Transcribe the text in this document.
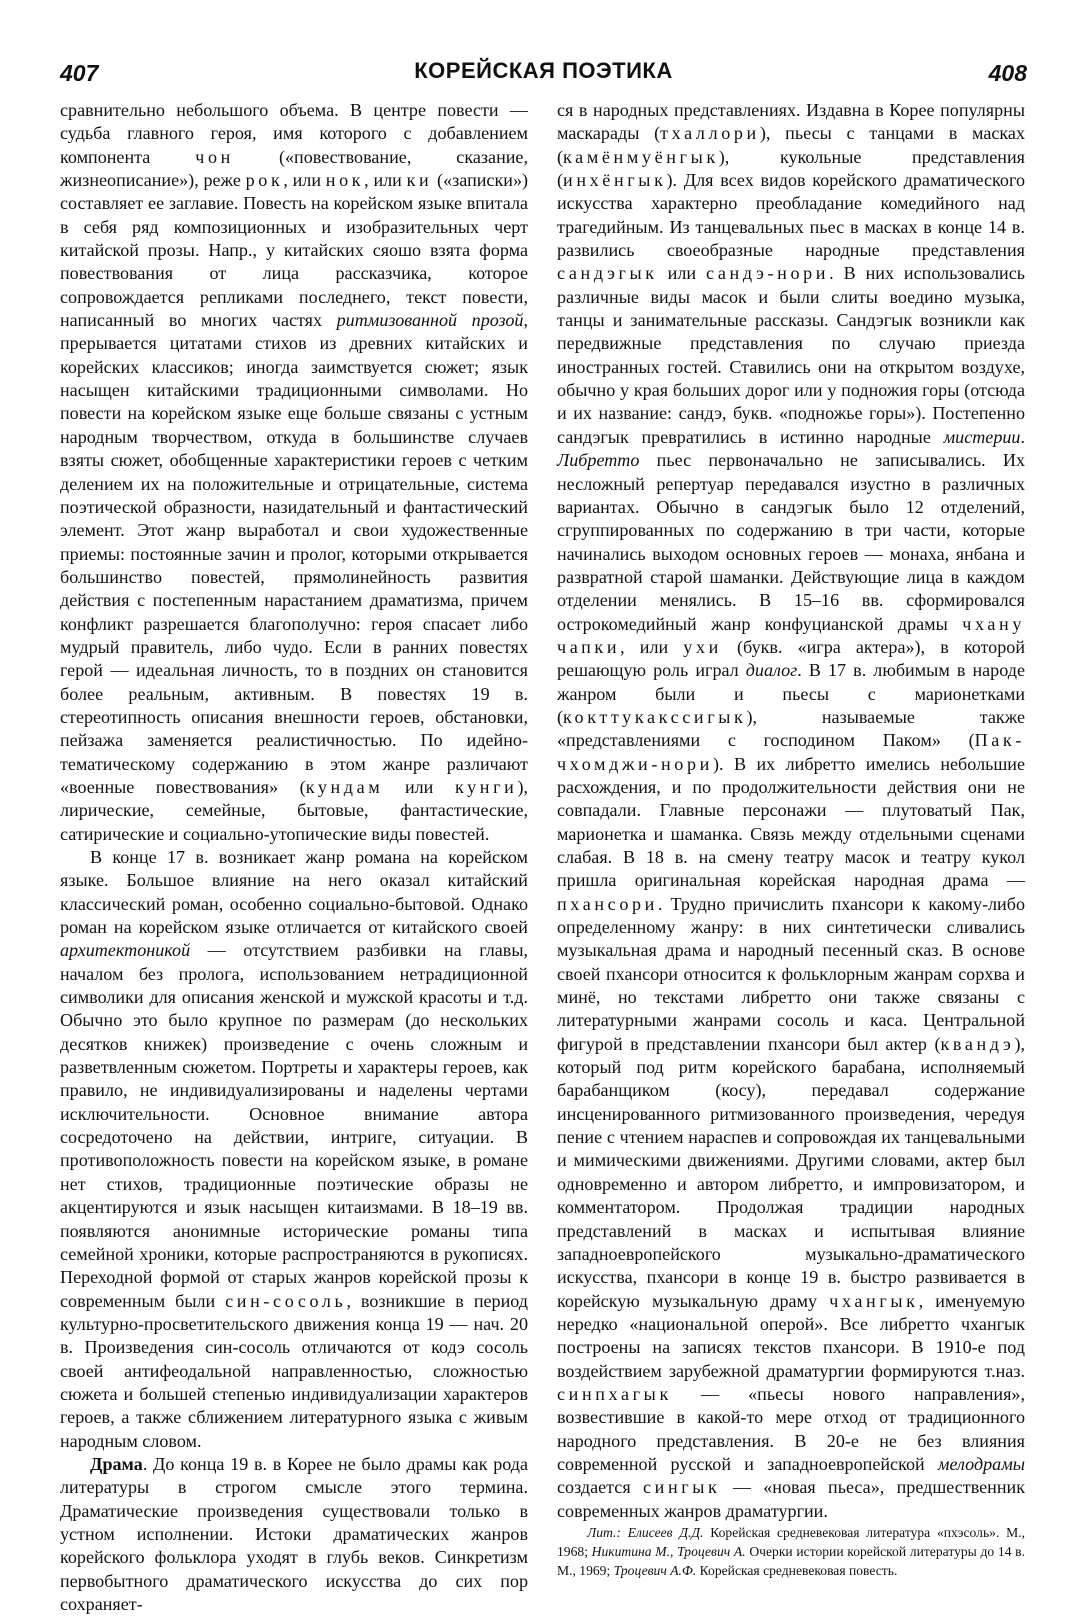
407	КОРЕЙСКАЯ ПОЭТИКА	408

сравнительно небольшого объема. В центре повести — судьба главного героя, имя которого с добавлением компонента чон («повествование, сказание, жизнеописание»), реже рок, или нок, или ки («записки») составляет ее заглавие. Повесть на корейском языке впитала в себя ряд композиционных и изобразительных черт китайской прозы. Напр., у китайских сяошо взята форма повествования от лица рассказчика, которое сопровождается репликами последнего, текст повести, написанный во многих частях ритмизованной прозой, прерывается цитатами стихов из древних китайских и корейских классиков; иногда заимствуется сюжет; язык насыщен китайскими традиционными символами. Но повести на корейском языке еще больше связаны с устным народным творчеством, откуда в большинстве случаев взяты сюжет, обобщенные характеристики героев с четким делением их на положительные и отрицательные, система поэтической образности, назидательный и фантастический элемент. Этот жанр выработал и свои художественные приемы: постоянные зачин и пролог, которыми открывается большинство повестей, прямолинейность развития действия с постепенным нарастанием драматизма, причем конфликт разрешается благополучно: героя спасает либо мудрый правитель, либо чудо. Если в ранних повестях герой — идеальная личность, то в поздних он становится более реальным, активным. В повестях 19 в. стереотипность описания внешности героев, обстановки, пейзажа заменяется реалистичностью. По идейно-тематическому содержанию в этом жанре различают «военные повествования» (кундам или кунги), лирические, семейные, бытовые, фантастические, сатирические и социально-утопические виды повестей.

В конце 17 в. возникает жанр романа на корейском языке. Большое влияние на него оказал китайский классический роман, особенно социально-бытовой. Однако роман на корейском языке отличается от китайского своей архитектоникой — отсутствием разбивки на главы, началом без пролога, использованием нетрадиционной символики для описания женской и мужской красоты и т.д. Обычно это было крупное по размерам (до нескольких десятков книжек) произведение с очень сложным и разветвленным сюжетом. Портреты и характеры героев, как правило, не индивидуализированы и наделены чертами исключительности. Основное внимание автора сосредоточено на действии, интриге, ситуации. В противоположность повести на корейском языке, в романе нет стихов, традиционные поэтические образы не акцентируются и язык насыщен китаизмами. В 18–19 вв. появляются анонимные исторические романы типа семейной хроники, которые распространяются в рукописях. Переходной формой от старых жанров корейской прозы к современным были син-сосоль, возникшие в период культурно-просветительского движения конца 19 — нач. 20 в. Произведения син-сосоль отличаются от кодэ сосоль своей антифеодальной направленностью, сложностью сюжета и большей степенью индивидуализации характеров героев, а также сближением литературного языка с живым народным словом.

Драма. До конца 19 в. в Корее не было драмы как рода литературы в строгом смысле этого термина. Драматические произведения существовали только в устном исполнении. Истоки драматических жанров корейского фольклора уходят в глубь веков. Синкретизм первобытного драматического искусства до сих пор сохраняет-

ся в народных представлениях. Издавна в Корее популярны маскарады (тхаллори), пьесы с танцами в масках (камёнмуёнгык), кукольные представления (инхёнгык). Для всех видов корейского драматического искусства характерно преобладание комедийного над трагедийным. Из танцевальных пьес в масках в конце 14 в. развились своеобразные народные представления сандэгык или сандэ-нори. В них использовались различные виды масок и были слиты воедино музыка, танцы и занимательные рассказы. Сандэгык возникли как передвижные представления по случаю приезда иностранных гостей. Ставились они на открытом воздухе, обычно у края больших дорог или у подножия горы (отсюда и их название: сандэ, букв. «подножье горы»). Постепенно сандэгык превратились в истинно народные мистерии. Либретто пьес первоначально не записывались. Их несложный репертуар передавался изустно в различных вариантах. Обычно в сандэгык было 12 отделений, сгруппированных по содержанию в три части, которые начинались выходом основных героев — монаха, янбана и развратной старой шаманки. Действующие лица в каждом отделении менялись. В 15–16 вв. сформировался острокомедийный жанр конфуцианской драмы чхану чапки, или ухи (букв. «игра актера»), в которой решающую роль играл диалог. В 17 в. любимым в народе жанром были и пьесы с марионетками (кокттукакссигык), называемые также «представлениями с господином Паком» (Пак-чхомджи-нори). В их либретто имелись небольшие расхождения, и по продолжительности действия они не совпадали. Главные персонажи — плутоватый Пак, марионетка и шаманка. Связь между отдельными сценами слабая. В 18 в. на смену театру масок и театру кукол пришла оригинальная корейская народная драма — пхансори. Трудно причислить пхансори к какому-либо определенному жанру: в них синтетически сливались музыкальная драма и народный песенный сказ. В основе своей пхансори относится к фольклорным жанрам сорхва и минё, но текстами либретто они также связаны с литературными жанрами сосоль и каса. Центральной фигурой в представлении пхансори был актер (квандэ), который под ритм корейского барабана, исполняемый барабанщиком (косу), передавал содержание инсценированного ритмизованного произведения, чередуя пение с чтением нараспев и сопровождая их танцевальными и мимическими движениями. Другими словами, актер был одновременно и автором либретто, и импровизатором, и комментатором. Продолжая традиции народных представлений в масках и испытывая влияние западноевропейского музыкально-драматического искусства, пхансори в конце 19 в. быстро развивается в корейскую музыкальную драму чхангык, именуемую нередко «национальной оперой». Все либретто чхангык построены на записях текстов пхансори. В 1910-е под воздействием зарубежной драматургии формируются т.наз. синпхагык — «пьесы нового направления», возвестившие в какой-то мере отход от традиционного народного представления. В 20-е не без влияния современной русской и западноевропейской мелодрамы создается сингык — «новая пьеса», предшественник современных жанров драматургии.

Лит.: Елисеев Д.Д. Корейская средневековая литература «пхэсоль». М., 1968; Никитина М., Троцевич А. Очерки истории корейской литературы до 14 в. М., 1969; Троцевич А.Ф. Корейская средневековая повесть.
